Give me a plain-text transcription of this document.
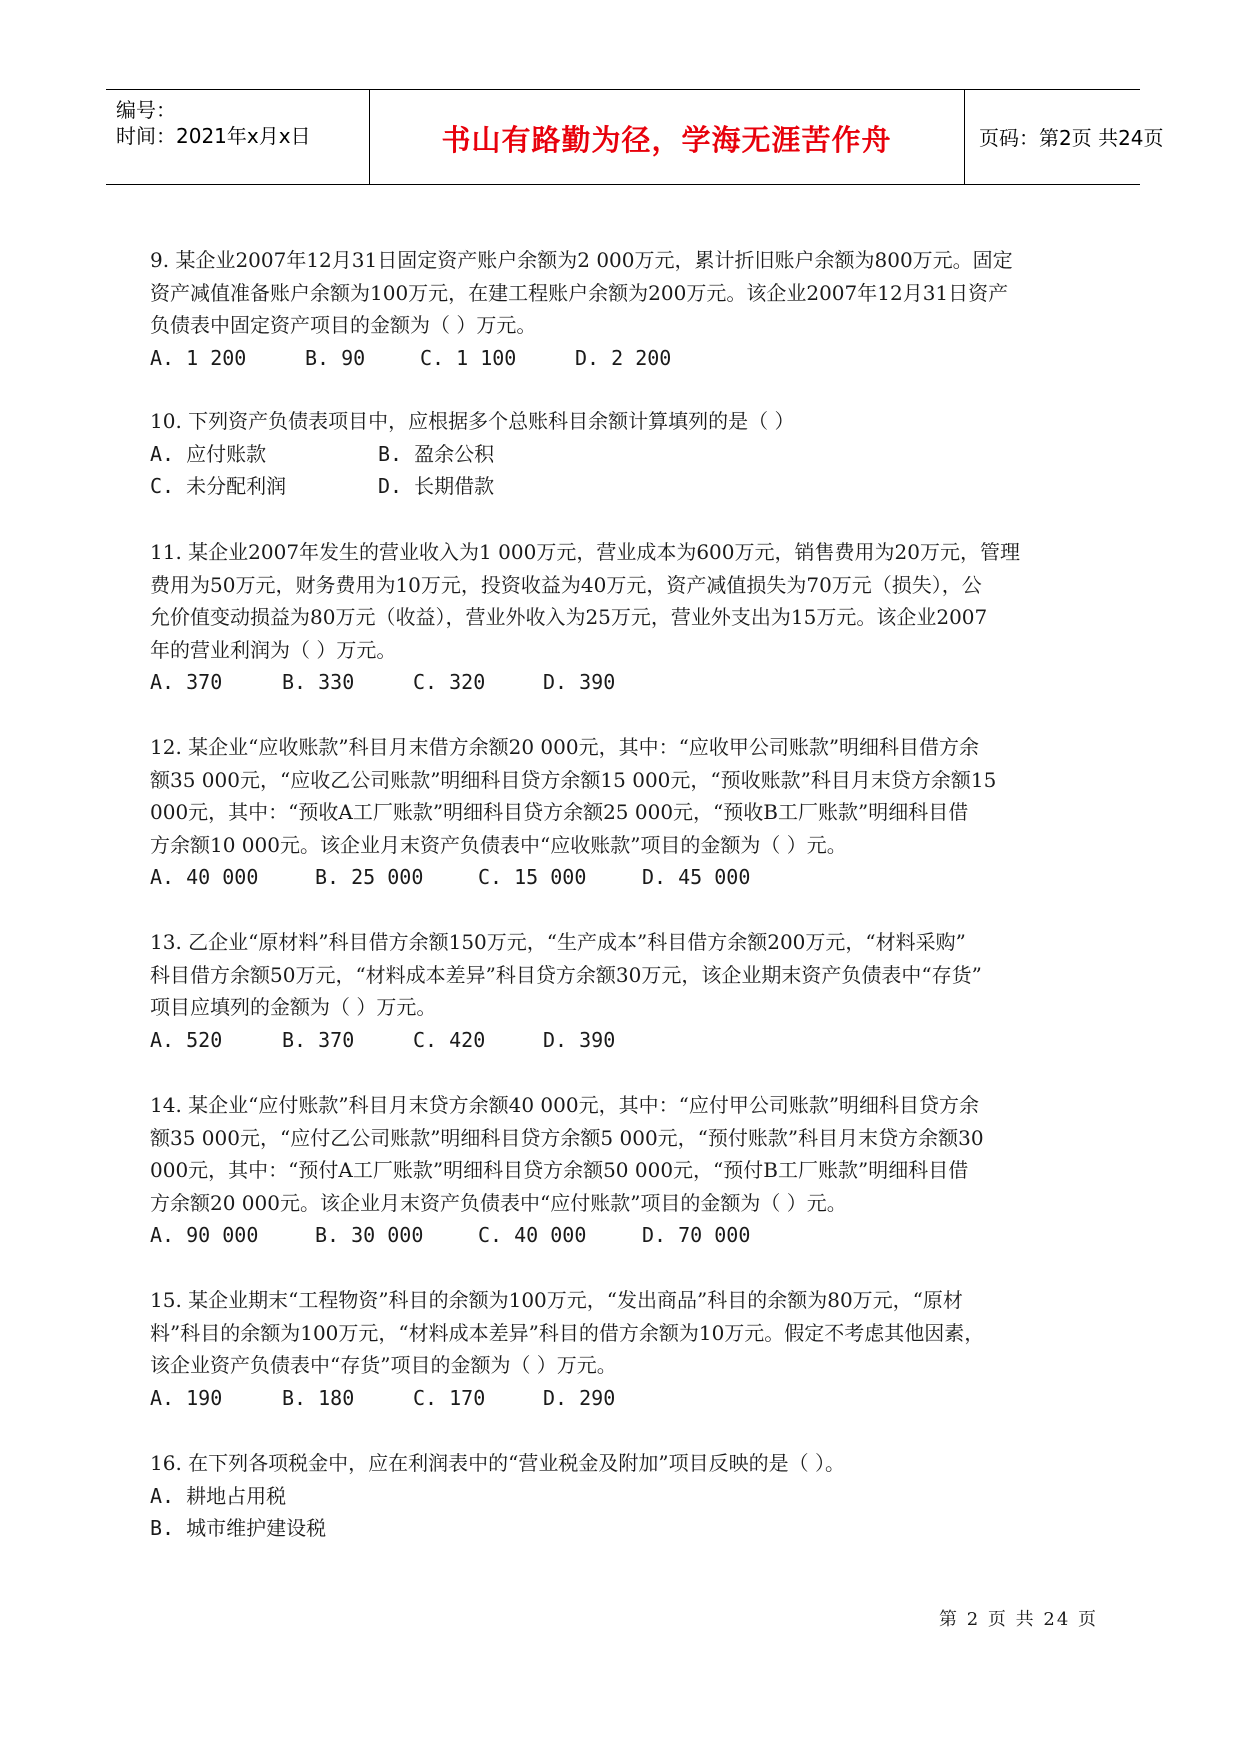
编号：
时间：2021年x月x日	书山有路勤为径，学海无涯苦作舟	页码：第2页 共24页
9. 某企业2007年12月31日固定资产账户余额为2 000万元，累计折旧账户余额为800万元。固定
资产减值准备账户余额为100万元，在建工程账户余额为200万元。该企业2007年12月31日资产
负债表中固定资产项目的金额为（ ）万元。
A. 1 200	B. 90	C. 1 100	D. 2 200
10. 下列资产负债表项目中，应根据多个总账科目余额计算填列的是（ ）
A. 应付账款	B. 盈余公积
C. 未分配利润	D. 长期借款
11. 某企业2007年发生的营业收入为1 000万元，营业成本为600万元，销售费用为20万元，管理
费用为50万元，财务费用为10万元，投资收益为40万元，资产减值损失为70万元（损失），公
允价值变动损益为80万元（收益），营业外收入为25万元，营业外支出为15万元。该企业2007
年的营业利润为（ ）万元。
A. 370	B. 330	C. 320	D. 390
12. 某企业“应收账款”科目月末借方余额20 000元，其中：“应收甲公司账款”明细科目借方余
额35 000元，“应收乙公司账款”明细科目贷方余额15 000元，“预收账款”科目月末贷方余额15
000元，其中：“预收A工厂账款”明细科目贷方余额25 000元，“预收B工厂账款”明细科目借
方余额10 000元。该企业月末资产负债表中“应收账款”项目的金额为（ ）元。
A. 40 000	B. 25 000	C. 15 000	D. 45 000
13. 乙企业“原材料”科目借方余额150万元，“生产成本”科目借方余额200万元，“材料采购”
科目借方余额50万元，“材料成本差异”科目贷方余额30万元，该企业期末资产负债表中“存货”
项目应填列的金额为（ ）万元。
A. 520	B. 370	C. 420	D. 390
14. 某企业“应付账款”科目月末贷方余额40 000元，其中：“应付甲公司账款”明细科目贷方余
额35 000元，“应付乙公司账款”明细科目贷方余额5 000元，“预付账款”科目月末贷方余额30
000元，其中：“预付A工厂账款”明细科目贷方余额50 000元，“预付B工厂账款”明细科目借
方余额20 000元。该企业月末资产负债表中“应付账款”项目的金额为（ ）元。
A. 90 000	B. 30 000	C. 40 000	D. 70 000
15. 某企业期末“工程物资”科目的余额为100万元，“发出商品”科目的余额为80万元，“原材
料”科目的余额为100万元，“材料成本差异”科目的借方余额为10万元。假定不考虑其他因素，
该企业资产负债表中“存货”项目的金额为（ ）万元。
A. 190	B. 180	C. 170	D. 290
16. 在下列各项税金中，应在利润表中的“营业税金及附加”项目反映的是（ ）。
A. 耕地占用税
B. 城市维护建设税
第 2 页 共 24 页
